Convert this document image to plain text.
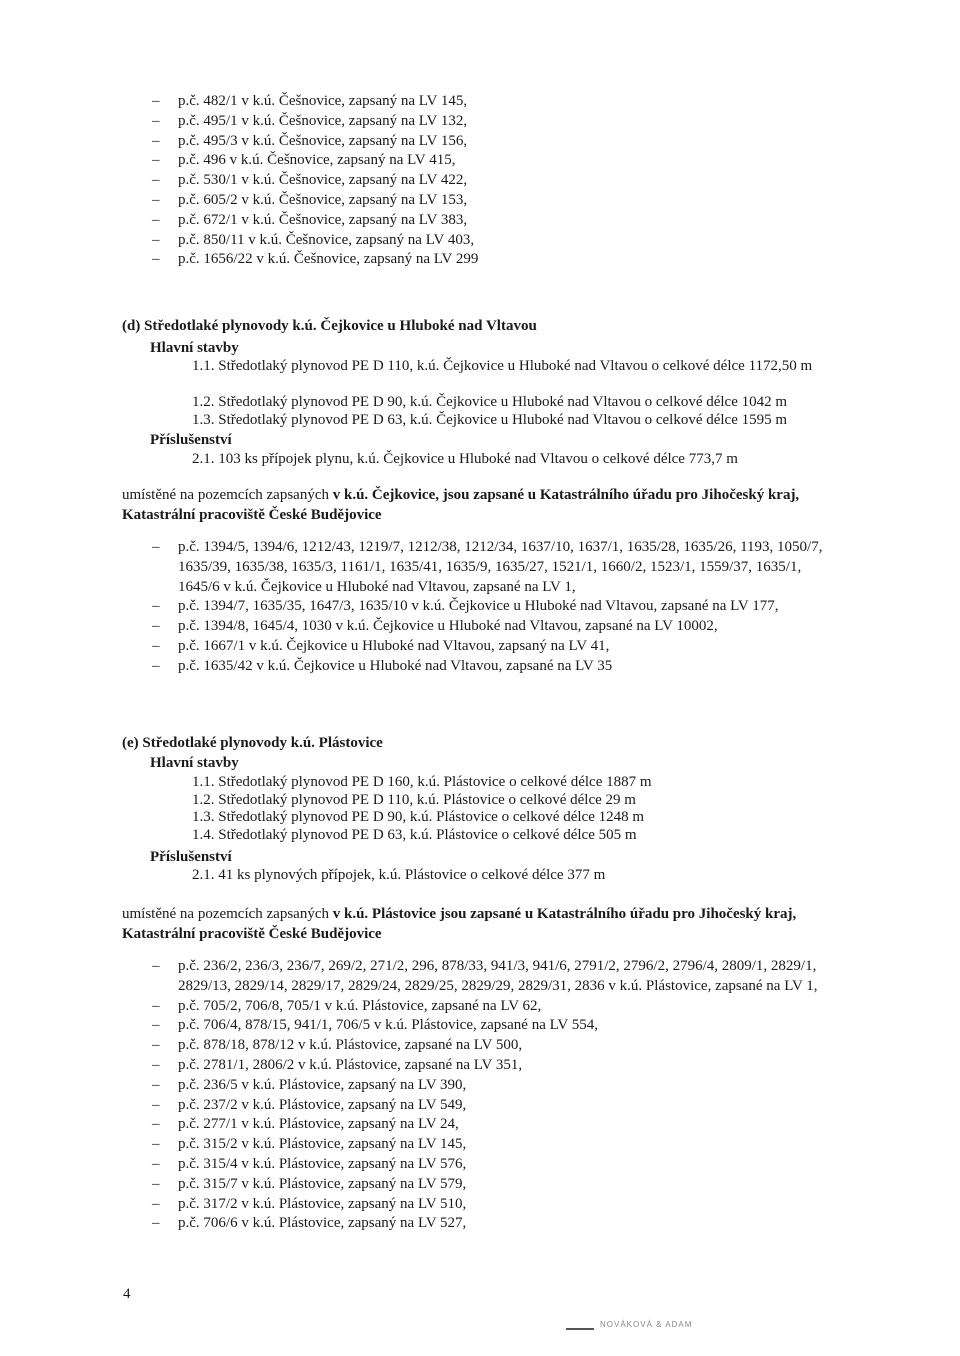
– p.č. 482/1 v k.ú. Češnovice, zapsaný na LV 145,
– p.č. 495/1 v k.ú. Češnovice, zapsaný na LV 132,
– p.č. 495/3 v k.ú. Češnovice, zapsaný na LV 156,
– p.č. 496 v k.ú. Češnovice, zapsaný na LV 415,
– p.č. 530/1 v k.ú. Češnovice, zapsaný na LV 422,
– p.č. 605/2 v k.ú. Češnovice, zapsaný na LV 153,
– p.č. 672/1 v k.ú. Češnovice, zapsaný na LV 383,
– p.č. 850/11 v k.ú. Češnovice, zapsaný na LV 403,
– p.č. 1656/22 v k.ú. Češnovice, zapsaný na LV 299
(d) Středotlaké plynovody k.ú. Čejkovice u Hluboké nad Vltavou
Hlavní stavby
1.1. Středotlaký plynovod PE D 110, k.ú. Čejkovice u Hluboké nad Vltavou o celkové délce 1172,50 m
1.2. Středotlaký plynovod PE D 90, k.ú. Čejkovice u Hluboké nad Vltavou o celkové délce 1042 m
1.3. Středotlaký plynovod PE D 63, k.ú. Čejkovice u Hluboké nad Vltavou o celkové délce 1595 m
Příslušenství
2.1. 103 ks přípojek plynu, k.ú. Čejkovice u Hluboké nad Vltavou o celkové délce 773,7 m
umístěné na pozemcích zapsaných v k.ú. Čejkovice, jsou zapsané u Katastrálního úřadu pro Jihočeský kraj, Katastrální pracoviště České Budějovice
– p.č. 1394/5, 1394/6, 1212/43, 1219/7, 1212/38, 1212/34, 1637/10, 1637/1, 1635/28, 1635/26, 1193, 1050/7, 1635/39, 1635/38, 1635/3, 1161/1, 1635/41, 1635/9, 1635/27, 1521/1, 1660/2, 1523/1, 1559/37, 1635/1, 1645/6 v k.ú. Čejkovice u Hluboké nad Vltavou, zapsané na LV 1,
– p.č. 1394/7, 1635/35, 1647/3, 1635/10 v k.ú. Čejkovice u Hluboké nad Vltavou, zapsané na LV 177,
– p.č. 1394/8, 1645/4, 1030 v k.ú. Čejkovice u Hluboké nad Vltavou, zapsané na LV 10002,
– p.č. 1667/1 v k.ú. Čejkovice u Hluboké nad Vltavou, zapsaný na LV 41,
– p.č. 1635/42 v k.ú. Čejkovice u Hluboké nad Vltavou, zapsané na LV 35
(e) Středotlaké plynovody k.ú. Plástovice
Hlavní stavby
1.1. Středotlaký plynovod PE D 160, k.ú. Plástovice o celkové délce 1887 m
1.2. Středotlaký plynovod PE D 110, k.ú. Plástovice o celkové délce 29 m
1.3. Středotlaký plynovod PE D 90, k.ú. Plástovice o celkové délce 1248 m
1.4. Středotlaký plynovod PE D 63, k.ú. Plástovice o celkové délce 505 m
Příslušenství
2.1. 41 ks plynových přípojek, k.ú. Plástovice o celkové délce 377 m
umístěné na pozemcích zapsaných v k.ú. Plástovice jsou zapsané u Katastrálního úřadu pro Jihočeský kraj, Katastrální pracoviště České Budějovice
– p.č. 236/2, 236/3, 236/7, 269/2, 271/2, 296, 878/33, 941/3, 941/6, 2791/2, 2796/2, 2796/4, 2809/1, 2829/1, 2829/13, 2829/14, 2829/17, 2829/24, 2829/25, 2829/29, 2829/31, 2836 v k.ú. Plástovice, zapsané na LV 1,
– p.č. 705/2, 706/8, 705/1 v k.ú. Plástovice, zapsané na LV 62,
– p.č. 706/4, 878/15, 941/1, 706/5 v k.ú. Plástovice, zapsané na LV 554,
– p.č. 878/18, 878/12 v k.ú. Plástovice, zapsané na LV 500,
– p.č. 2781/1, 2806/2 v k.ú. Plástovice, zapsané na LV 351,
– p.č. 236/5 v k.ú. Plástovice, zapsaný na LV 390,
– p.č. 237/2 v k.ú. Plástovice, zapsaný na LV 549,
– p.č. 277/1 v k.ú. Plástovice, zapsaný na LV 24,
– p.č. 315/2 v k.ú. Plástovice, zapsaný na LV 145,
– p.č. 315/4 v k.ú. Plástovice, zapsaný na LV 576,
– p.č. 315/7 v k.ú. Plástovice, zapsaný na LV 579,
– p.č. 317/2 v k.ú. Plástovice, zapsaný na LV 510,
– p.č. 706/6 v k.ú. Plástovice, zapsaný na LV 527,
4
NOVÁKOVÁ & ADAM
